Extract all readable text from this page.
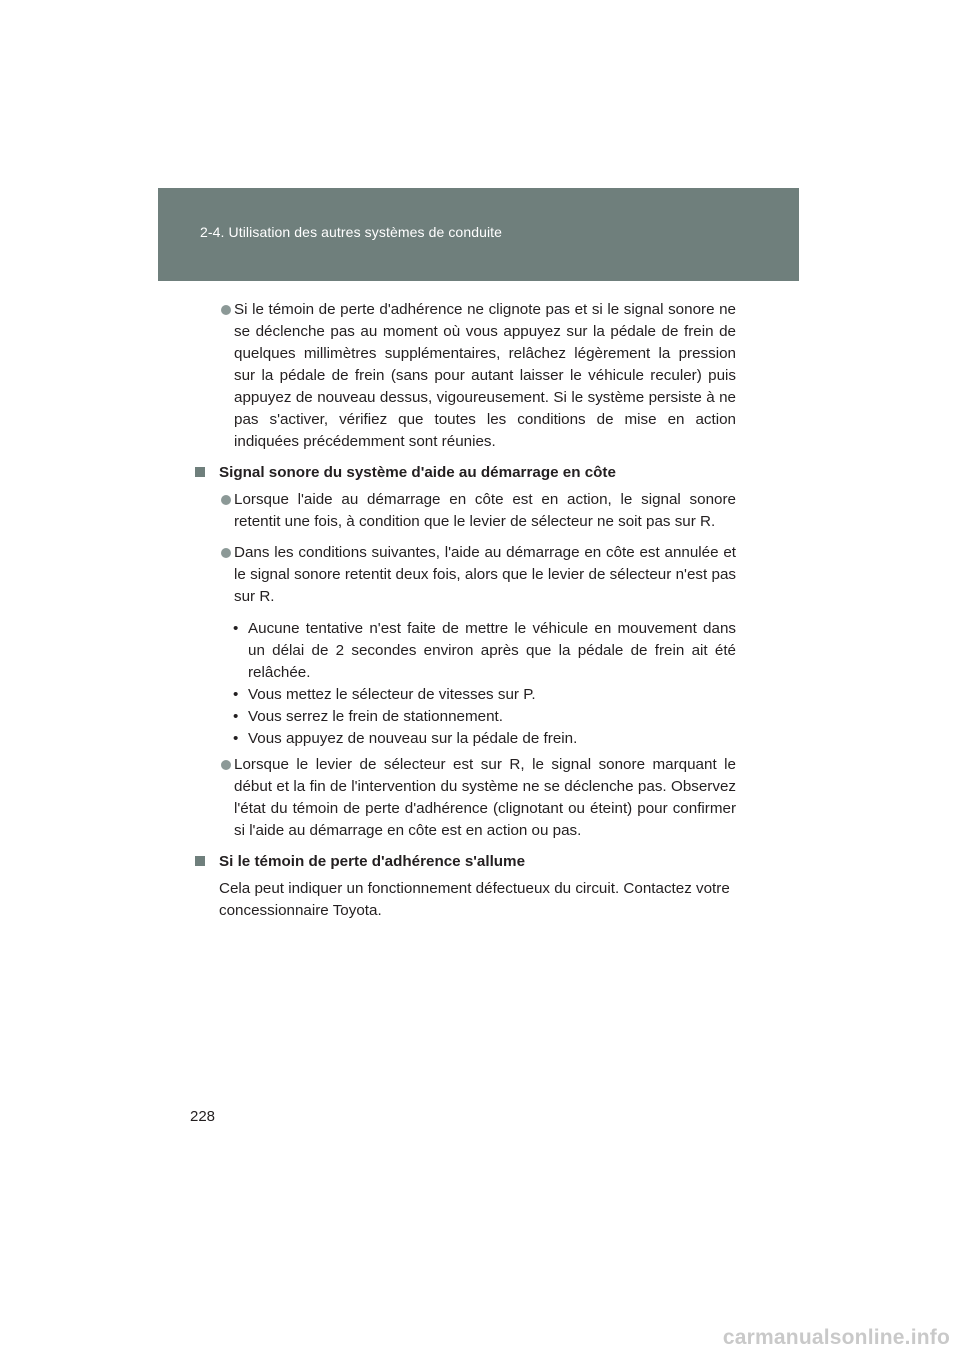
2-4. Utilisation des autres systèmes de conduite
Si le témoin de perte d'adhérence ne clignote pas et si le signal sonore ne se déclenche pas au moment où vous appuyez sur la pédale de frein de quelques millimètres supplémentaires, relâchez légèrement la pression sur la pédale de frein (sans pour autant laisser le véhicule reculer) puis appuyez de nouveau dessus, vigoureusement. Si le système persiste à ne pas s'activer, vérifiez que toutes les conditions de mise en action indiquées précédemment sont réunies.
Signal sonore du système d'aide au démarrage en côte
Lorsque l'aide au démarrage en côte est en action, le signal sonore retentit une fois, à condition que le levier de sélecteur ne soit pas sur R.
Dans les conditions suivantes, l'aide au démarrage en côte est annulée et le signal sonore retentit deux fois, alors que le levier de sélecteur n'est pas sur R.
• Aucune tentative n'est faite de mettre le véhicule en mouvement dans un délai de 2 secondes environ après que la pédale de frein ait été relâchée.
• Vous mettez le sélecteur de vitesses sur P.
• Vous serrez le frein de stationnement.
• Vous appuyez de nouveau sur la pédale de frein.
Lorsque le levier de sélecteur est sur R, le signal sonore marquant le début et la fin de l'intervention du système ne se déclenche pas. Observez l'état du témoin de perte d'adhérence (clignotant ou éteint) pour confirmer si l'aide au démarrage en côte est en action ou pas.
Si le témoin de perte d'adhérence s'allume
Cela peut indiquer un fonctionnement défectueux du circuit. Contactez votre concessionnaire Toyota.
228
carmanualsonline.info
